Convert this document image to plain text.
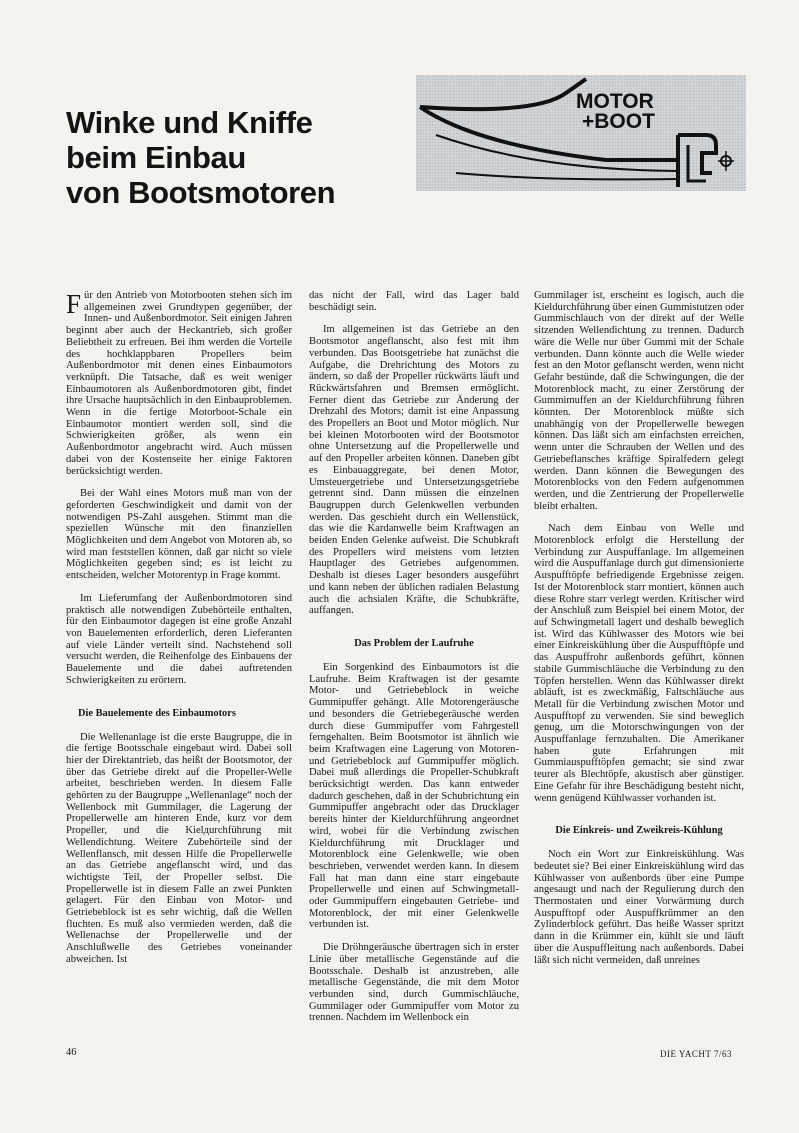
Winke und Kniffe
beim Einbau
von Bootsmotoren
MOTOR
+BOOT

Für den Antrieb von Motorbooten stehen sich im allgemeinen zwei Grundtypen gegenüber, der Innen- und Außenbordmotor. Seit einigen Jahren beginnt aber auch der Heckantrieb, sich großer Beliebtheit zu erfreuen. Bei ihm werden die Vorteile des hochklappbaren Propellers beim Außenbordmotor mit denen eines Einbaumotors verknüpft. Die Tatsache, daß es weit weniger Einbaumotoren als Außenbordmotoren gibt, findet ihre Ursache hauptsächlich in den Einbauproblemen. Wenn in die fertige Motorboot-Schale ein Einbaumotor montiert werden soll, sind die Schwierigkeiten größer, als wenn ein Außenbordmotor angebracht wird. Auch müssen dabei von der Kostenseite her einige Faktoren berücksichtigt werden.

Bei der Wahl eines Motors muß man von der geforderten Geschwindigkeit und damit von der notwendigen PS-Zahl ausgehen. Stimmt man die speziellen Wünsche mit den finanziellen Möglichkeiten und dem Angebot von Motoren ab, so wird man feststellen können, daß gar nicht so viele Möglichkeiten gegeben sind; es ist leicht zu entscheiden, welcher Motorentyp in Frage kommt.

Im Lieferumfang der Außenbordmotoren sind praktisch alle notwendigen Zubehörteile enthalten, für den Einbaumotor dagegen ist eine große Anzahl von Bauelementen erforderlich, deren Lieferanten auf viele Länder verteilt sind. Nachstehend soll versucht werden, die Reihenfolge des Einbauens der Bauelemente und die dabei auftretenden Schwierigkeiten zu erörtern.

Die Bauelemente des Einbaumotors

Die Wellenanlage ist die erste Baugruppe, die in die fertige Bootsschale eingebaut wird. Dabei soll hier der Direktantrieb, das heißt der Bootsmotor, der über das Getriebe direkt auf die Propeller-Welle arbeitet, beschrieben werden. In diesem Falle gehörten zu der Baugruppe „Wellenanlage“ noch der Wellenbock mit Gummilager, die Lagerung der Propellerwelle am hinteren Ende, kurz vor dem Propeller, und die Kielдurchführung mit Wellendichtung. Weitere Zubehörteile sind der Wellenflansch, mit dessen Hilfe die Propellerwelle an das Getriebe angeflanscht wird, und das wichtigste Teil, der Propeller selbst. Die Propellerwelle ist in diesem Falle an zwei Punkten gelagert. Für den Einbau von Motor- und Getriebeblock ist es sehr wichtig, daß die Wellen fluchten. Es muß also vermieden werden, daß die Wellenachse der Propellerwelle und der Anschlußwelle des Getriebes voneinander abweichen. Ist

das nicht der Fall, wird das Lager bald beschädigt sein.

Im allgemeinen ist das Getriebe an den Bootsmotor angeflanscht, also fest mit ihm verbunden. Das Bootsgetriebe hat zunächst die Aufgabe, die Drehrichtung des Motors zu ändern, so daß der Propeller rückwärts läuft und Rückwärtsfahren und Bremsen ermöglicht. Ferner dient das Getriebe zur Änderung der Drehzahl des Motors; damit ist eine Anpassung des Propellers an Boot und Motor möglich. Nur bei kleinen Motorbooten wird der Bootsmotor ohne Untersetzung auf die Propellerwelle und auf den Propeller arbeiten können. Daneben gibt es Einbauaggregate, bei denen Motor, Umsteuergetriebe und Untersetzungsgetriebe getrennt sind. Dann müssen die einzelnen Baugruppen durch Gelenkwellen verbunden werden. Das geschieht durch ein Wellenstück, das wie die Kardanwelle beim Kraftwagen an beiden Enden Gelenke aufweist. Die Schubkraft des Propellers wird meistens vom letzten Hauptlager des Getriebes aufgenommen. Deshalb ist dieses Lager besonders ausgeführt und kann neben der üblichen radialen Belastung auch die achsialen Kräfte, die Schubkräfte, auffangen.

Das Problem der Laufruhe

Ein Sorgenkind des Einbaumotors ist die Laufruhe. Beim Kraftwagen ist der gesamte Motor- und Getriebeblock in weiche Gummipuffer gehängt. Alle Motorengeräusche und besonders die Getriebegeräusche werden durch diese Gummipuffer vom Fahrgestell ferngehalten. Beim Bootsmotor ist ähnlich wie beim Kraftwagen eine Lagerung von Motoren- und Getriebeblock auf Gummipuffer möglich. Dabei muß allerdings die Propeller-Schubkraft berücksichtigt werden. Das kann entweder dadurch geschehen, daß in der Schubrichtung ein Gummipuffer angebracht oder das Drucklager bereits hinter der Kieldurchführung angeordnet wird, wobei für die Verbindung zwischen Kieldurchführung mit Drucklager und Motorenblock eine Gelenkwelle, wie oben beschrieben, verwendet werden kann. In diesem Fall hat man dann eine starr eingebaute Propellerwelle und einen auf Schwingmetall- oder Gummipuffern eingebauten Getriebe- und Motorenblock, der mit einer Gelenkwelle verbunden ist.

Die Dröhngeräusche übertragen sich in erster Linie über metallische Gegenstände auf die Bootsschale. Deshalb ist anzustreben, alle metallische Gegenstände, die mit dem Motor verbunden sind, durch Gummischläuche, Gummilager oder Gummipuffer vom Motor zu trennen. Nachdem im Wellenbock ein

Gummilager ist, erscheint es logisch, auch die Kieldurchführung über einen Gummistutzen oder Gummischlauch von der direkt auf der Welle sitzenden Wellendichtung zu trennen. Dadurch wäre die Welle nur über Gummi mit der Schale verbunden. Dann könnte auch die Welle wieder fest an den Motor geflanscht werden, wenn nicht Gefahr bestünde, daß die Schwingungen, die der Motorenblock macht, zu einer Zerstörung der Gummimuffen an der Kieldurchführung führen könnten. Der Motorenblock müßte sich unabhängig von der Propellerwelle bewegen können. Das läßt sich am einfachsten erreichen, wenn unter die Schrauben der Wellen und des Getriebeflansches kräftige Spiralfedern gelegt werden. Dann können die Bewegungen des Motorenblocks von den Federn aufgenommen werden, und die Zentrierung der Propellerwelle bleibt erhalten.

Nach dem Einbau von Welle und Motorenblock erfolgt die Herstellung der Verbindung zur Auspuffanlage. Im allgemeinen wird die Auspuffanlage durch gut dimensionierte Auspufftöpfe befriedigende Ergebnisse zeigen. Ist der Motorenblock starr montiert, können auch diese Rohre starr verlegt werden. Kritischer wird der Anschluß zum Beispiel bei einem Motor, der auf Schwingmetall lagert und deshalb beweglich ist. Wird das Kühlwasser des Motors wie bei einer Einkreiskühlung über die Auspufftöpfe und das Auspuffrohr außenbords geführt, können stabile Gummischläuche die Verbindung zu den Töpfen herstellen. Wenn das Kühlwasser direkt abläuft, ist es zweckmäßig, Faltschläuche aus Metall für die Verbindung zwischen Motor und Auspufftopf zu verwenden. Sie sind beweglich genug, um die Motorschwingungen von der Auspuffanlage fernzuhalten. Die Amerikaner haben gute Erfahrungen mit Gummiauspufftöpfen gemacht; sie sind zwar teurer als Blechtöpfe, akustisch aber günstiger. Eine Gefahr für ihre Beschädigung besteht nicht, wenn genügend Kühlwasser vorhanden ist.

Die Einkreis- und Zweikreis-Kühlung

Noch ein Wort zur Einkreiskühlung. Was bedeutet sie? Bei einer Einkreiskühlung wird das Kühlwasser von außenbords über eine Pumpe angesaugt und nach der Regulierung durch den Thermostaten und einer Vorwärmung durch Auspufftopf oder Auspuffkrümmer an den Zylinderblock geführt. Das heiße Wasser spritzt dann in die Krümmer ein, kühlt sie und läuft über die Auspuffleitung nach außenbords. Dabei läßt sich nicht vermeiden, daß unreines

46	DIE YACHT 7/63
